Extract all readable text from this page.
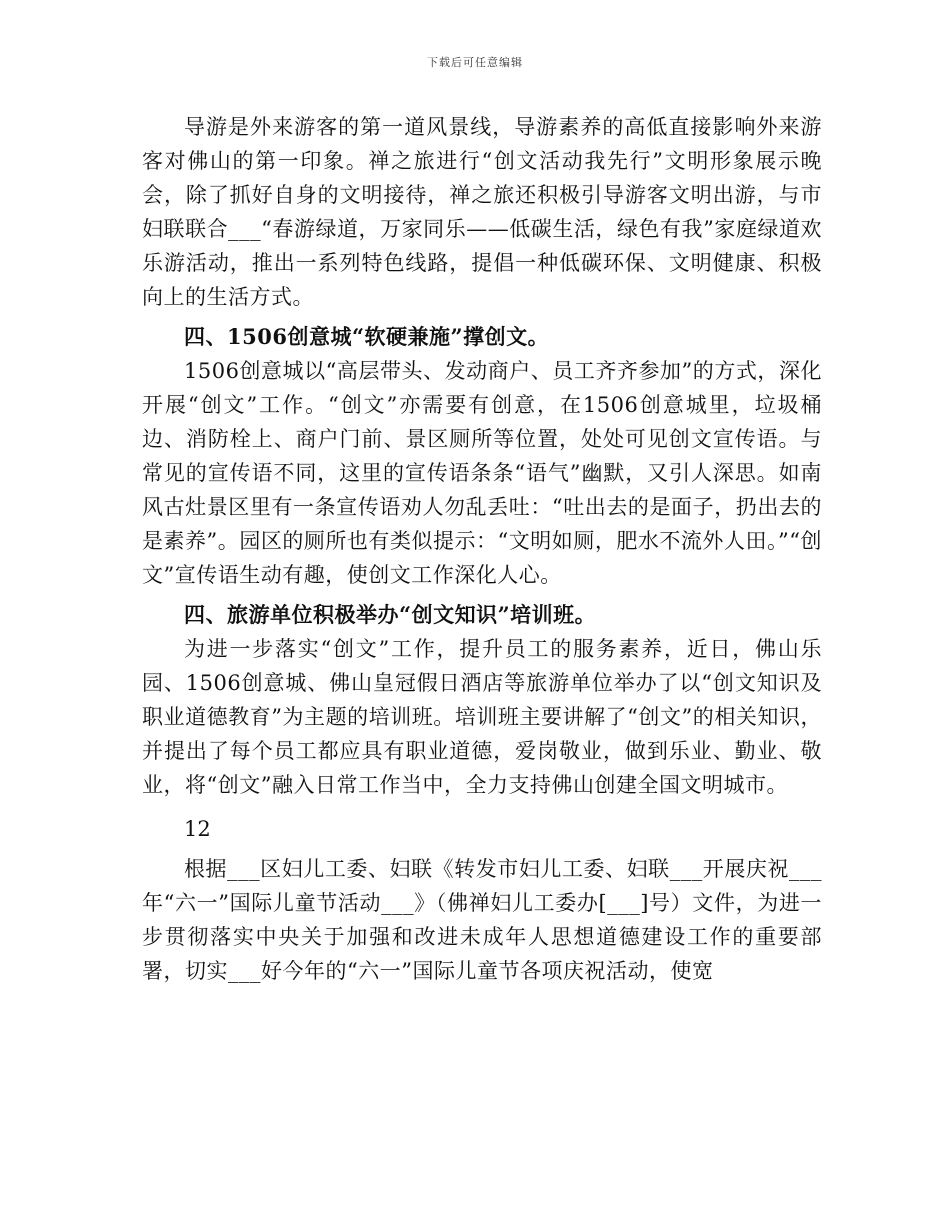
下载后可任意编辑

导游是外来游客的第一道风景线，导游素养的高低直接影响外来游客对佛山的第一印象。禅之旅进行“创文活动我先行”文明形象展示晚会，除了抓好自身的文明接待，禅之旅还积极引导游客文明出游，与市妇联联合___“春游绿道，万家同乐——低碳生活，绿色有我”家庭绿道欢乐游活动，推出一系列特色线路，提倡一种低碳环保、文明健康、积极向上的生活方式。

四、1506创意城“软硬兼施”撑创文。

1506创意城以“高层带头、发动商户、员工齐齐参加”的方式，深化开展“创文”工作。“创文”亦需要有创意，在1506创意城里，垃圾桶边、消防栓上、商户门前、景区厕所等位置，处处可见创文宣传语。与常见的宣传语不同，这里的宣传语条条“语气”幽默，又引人深思。如南风古灶景区里有一条宣传语劝人勿乱丢吐：“吐出去的是面子，扔出去的是素养”。园区的厕所也有类似提示：“文明如厕，肥水不流外人田。”“创文”宣传语生动有趣，使创文工作深化人心。

四、旅游单位积极举办“创文知识”培训班。

为进一步落实“创文”工作，提升员工的服务素养，近日，佛山乐园、1506创意城、佛山皇冠假日酒店等旅游单位举办了以“创文知识及职业道德教育”为主题的培训班。培训班主要讲解了“创文”的相关知识，并提出了每个员工都应具有职业道德，爱岗敬业，做到乐业、勤业、敬业，将“创文”融入日常工作当中，全力支持佛山创建全国文明城市。

12

根据___区妇儿工委、妇联《转发市妇儿工委、妇联___开展庆祝___年“六一”国际儿童节活动___》（佛禅妇儿工委办[___]号）文件，为进一步贯彻落实中央关于加强和改进未成年人思想道德建设工作的重要部署，切实___好今年的“六一”国际儿童节各项庆祝活动，使宽
